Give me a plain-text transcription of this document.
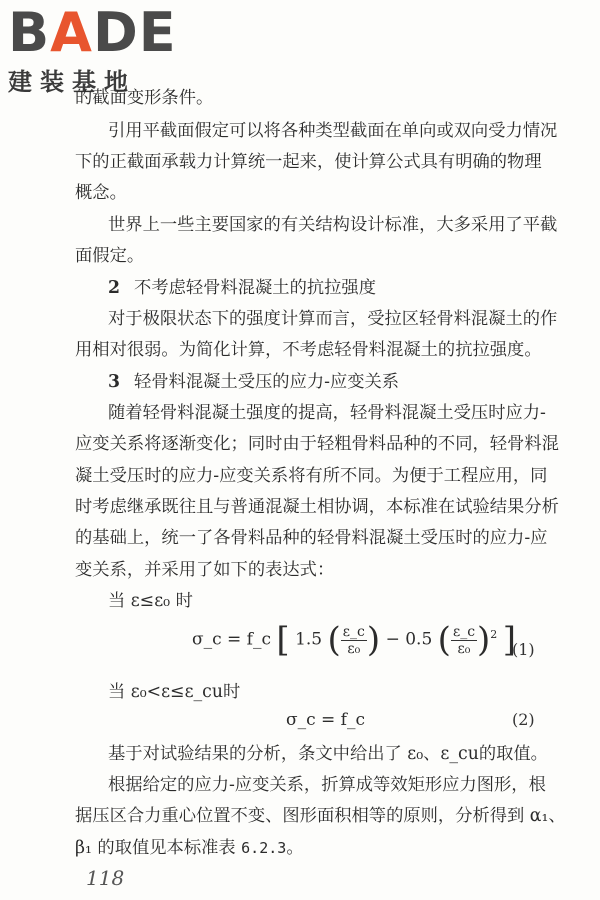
BADE
建装基地
的截面变形条件。
引用平截面假定可以将各种类型截面在单向或双向受力情况
下的正截面承载力计算统一起来，使计算公式具有明确的物理
概念。
世界上一些主要国家的有关结构设计标准，大多采用了平截
面假定。
2 不考虑轻骨料混凝土的抗拉强度
对于极限状态下的强度计算而言，受拉区轻骨料混凝土的作
用相对很弱。为简化计算，不考虑轻骨料混凝土的抗拉强度。
3 轻骨料混凝土受压的应力-应变关系
随着轻骨料混凝土强度的提高，轻骨料混凝土受压时应力-
应变关系将逐渐变化；同时由于轻粗骨料品种的不同，轻骨料混
凝土受压时的应力-应变关系将有所不同。为便于工程应用，同
时考虑继承既往且与普通混凝土相协调，本标准在试验结果分析
的基础上，统一了各骨料品种的轻骨料混凝土受压时的应力-应
变关系，并采用了如下的表达式：
当 ε≤ε₀ 时
σ_c = f_c [ 1.5 ( $\frac{\varepsilon\_c}{\text{ε₀}}$ ) − 0.5 ( $\frac{\varepsilon\_c}{\text{ε₀}} )^2$ ]
(1)
当 ε₀<ε≤ε_cu时
σ_c = f_c	(2)
基于对试验结果的分析，条文中给出了 ε₀、ε_cu的取值。
根据给定的应力-应变关系，折算成等效矩形应力图形，根
据压区合力重心位置不变、图形面积相等的原则，分析得到 α₁、
β₁ 的取值见本标准表 6.2.3。
118
